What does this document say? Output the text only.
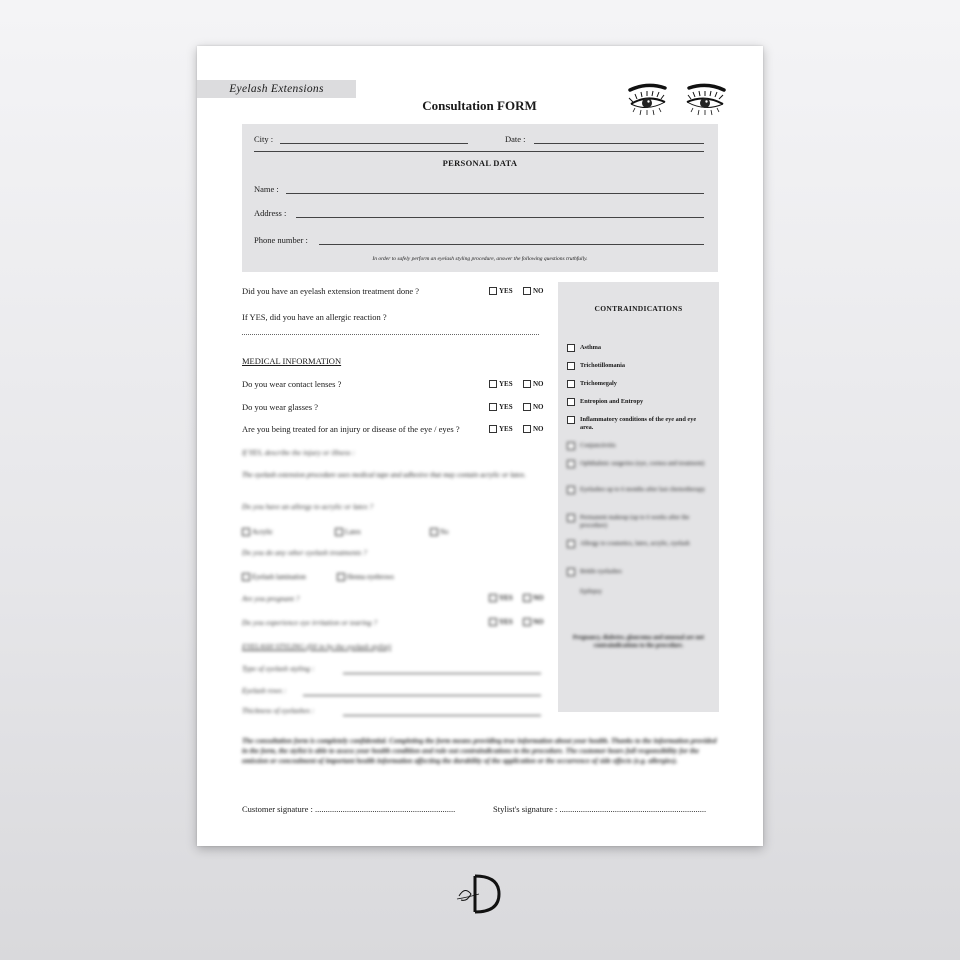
Eyelash Extensions
Consultation FORM
City :	Date :
PERSONAL DATA
Name :
Address :
Phone number :
In order to safely perform an eyelash styling procedure, answer the following questions truthfully.
Did you have an eyelash extension treatment done ?	YES	NO
If YES, did you have an allergic reaction ?
MEDICAL INFORMATION
Do you wear contact lenses ?	YES	NO
Do you wear glasses ?	YES	NO
Are you being treated for an injury or disease of the eye / eyes ?	YES	NO
CONTRAINDICATIONS
Asthma
Trichotillomania
Trichomegaly
Entropion and Entropy
Inflammatory conditions of the eye and eye area.
Conjunctivitis
Ophthalmic surgeries (eye, cornea and treatment)
Eyelashes up to 6 months after last chemotherapy
Permanent makeup (up to 6 weeks after the procedure)
Allergy to cosmetics, latex, acrylic, eyelash
Brittle eyelashes
Epilepsy
Pregnancy, diabetes, glaucoma and unusual are not contraindications to the procedure.
If YES, describe the injury or illness :
The eyelash extension procedure uses medical tape and adhesive that may contain acrylic or latex.
Do you have an allergy to acrylic or latex ?
Acrylic	Latex	No
Do you do any other eyelash treatments ?
Eyelash lamination	Henna eyebrows
Are you pregnant ?	YES	NO
Do you experience eye irritation or tearing ?	YES	NO
EYELASH STYLING (fill in by the eyelash stylist)
Type of eyelash styling :
Eyelash rows :
Thickness of eyelashes :
The consultation form is completely confidential. Completing the form means providing true information about your health. Thanks to the information provided in the form, the stylist is able to assess your health condition and rule out contraindications to the procedure. The customer bears full responsibility for the omission or concealment of important health information affecting the durability of the application or the occurrence of side effects (e.g. allergies).
Customer signature : ..................................................................	Stylist's signature : .....................................................................
